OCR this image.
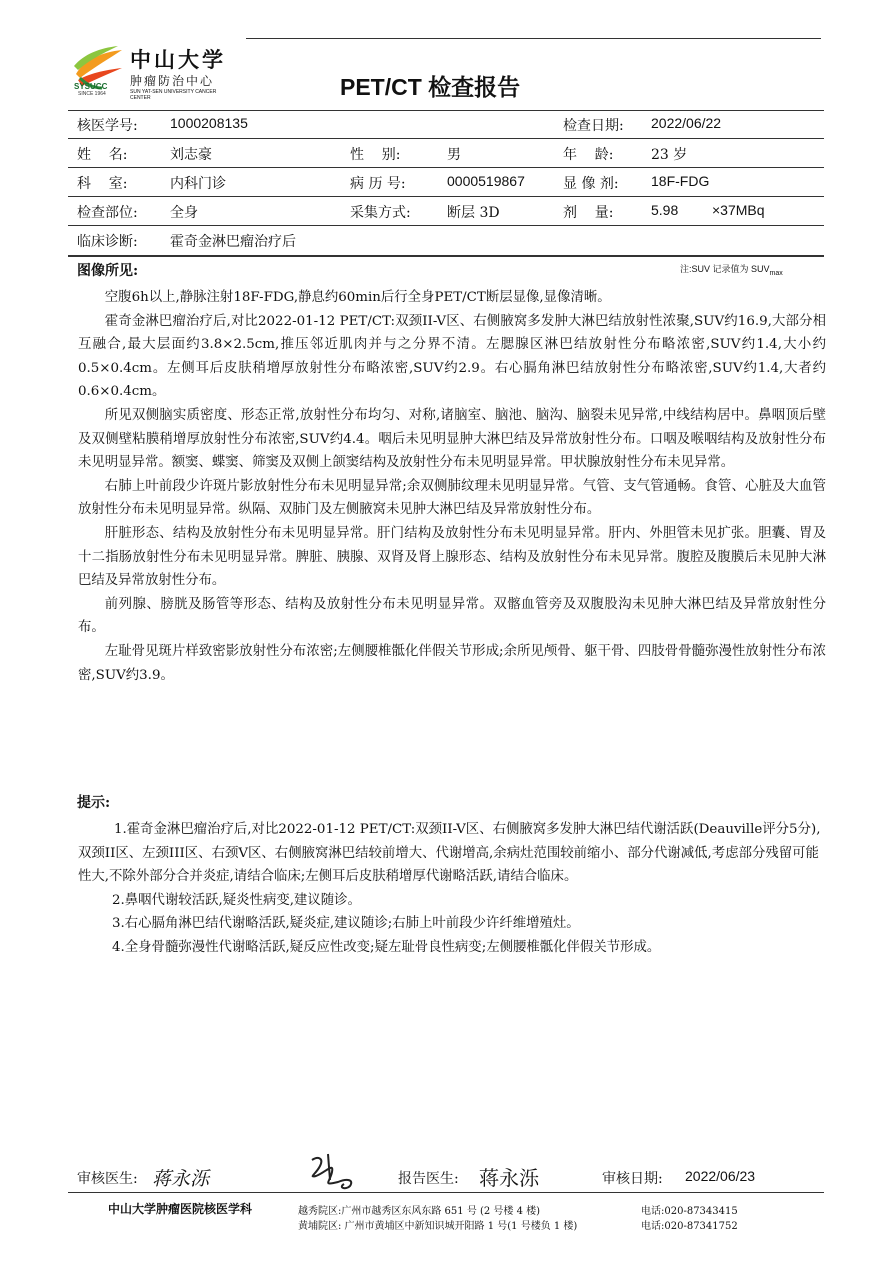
SYSUCC
SINCE 1964
中山大学
肿瘤防治中心
SUN YAT-SEN UNIVERSITY CANCER CENTER	PET/CT 检查报告
核医学号: 1000208135	检查日期: 2022/06/22
姓    名:	刘志豪	性    别:	男	年    龄:	23 岁
科    室:	内科门诊	病 历 号:	0000519867	显 像 剂: 18F-FDG
检查部位: 全身	采集方式:	断层 3D	剂    量:	5.98 ×37MBq
临床诊断: 霍奇金淋巴瘤治疗后
图像所见:	注:SUV 记录值为 $SUV_{max}$

空腹6h以上,静脉注射18F-FDG,静息约60min后行全身PET/CT断层显像,显像清晰。

霍奇金淋巴瘤治疗后,对比2022-01-12 PET/CT:双颈II-V区、右侧腋窝多发肿大淋巴结放射性浓聚,SUV约16.9,大部分相互融合,最大层面约3.8×2.5cm,推压邻近肌肉并与之分界不清。左腮腺区淋巴结放射性分布略浓密,SUV约1.4,大小约0.5×0.4cm。左侧耳后皮肤稍增厚放射性分布略浓密,SUV约2.9。右心膈角淋巴结放射性分布略浓密,SUV约1.4,大者约0.6×0.4cm。

所见双侧脑实质密度、形态正常,放射性分布均匀、对称,诸脑室、脑池、脑沟、脑裂未见异常,中线结构居中。鼻咽顶后壁及双侧壁粘膜稍增厚放射性分布浓密,SUV约4.4。咽后未见明显肿大淋巴结及异常放射性分布。口咽及喉咽结构及放射性分布未见明显异常。额窦、蝶窦、筛窦及双侧上颌窦结构及放射性分布未见明显异常。甲状腺放射性分布未见异常。

右肺上叶前段少许斑片影放射性分布未见明显异常;余双侧肺纹理未见明显异常。气管、支气管通畅。食管、心脏及大血管放射性分布未见明显异常。纵隔、双肺门及左侧腋窝未见肿大淋巴结及异常放射性分布。

肝脏形态、结构及放射性分布未见明显异常。肝门结构及放射性分布未见明显异常。肝内、外胆管未见扩张。胆囊、胃及十二指肠放射性分布未见明显异常。脾脏、胰腺、双肾及肾上腺形态、结构及放射性分布未见异常。腹腔及腹膜后未见肿大淋巴结及异常放射性分布。

前列腺、膀胱及肠管等形态、结构及放射性分布未见明显异常。双髂血管旁及双腹股沟未见肿大淋巴结及异常放射性分布。

左耻骨见斑片样致密影放射性分布浓密;左侧腰椎骶化伴假关节形成;余所见颅骨、躯干骨、四肢骨骨髓弥漫性放射性分布浓密,SUV约3.9。

提示:

1.霍奇金淋巴瘤治疗后,对比2022-01-12 PET/CT:双颈II-V区、右侧腋窝多发肿大淋巴结代谢活跃(Deauville评分5分),双颈II区、左颈III区、右颈V区、右侧腋窝淋巴结较前增大、代谢增高,余病灶范围较前缩小、部分代谢减低,考虑部分残留可能性大,不除外部分合并炎症,请结合临床;左侧耳后皮肤稍增厚代谢略活跃,请结合临床。

2.鼻咽代谢较活跃,疑炎性病变,建议随诊。

3.右心膈角淋巴结代谢略活跃,疑炎症,建议随诊;右肺上叶前段少许纤维增殖灶。

4.全身骨髓弥漫性代谢略活跃,疑反应性改变;疑左耻骨良性病变;左侧腰椎骶化伴假关节形成。

审核医生: 蒋永泺	报告医生: 蒋永泺	审核日期: 2022/06/23
中山大学肿瘤医院核医学科	越秀院区:广州市越秀区东风东路 651 号 (2 号楼 4 楼)
黄埔院区: 广州市黄埔区中新知识城开阳路 1 号(1 号楼负 1 楼)
电话:020-87343415
电话:020-87341752
